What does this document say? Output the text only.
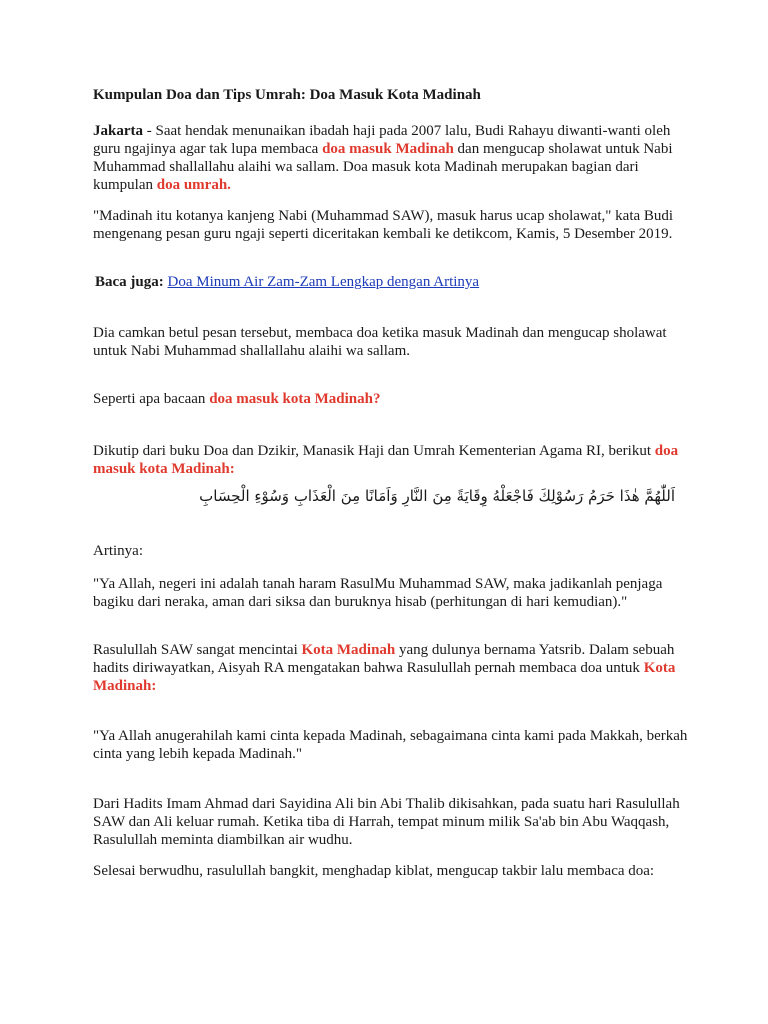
Kumpulan Doa dan Tips Umrah: Doa Masuk Kota Madinah

Jakarta - Saat hendak menunaikan ibadah haji pada 2007 lalu, Budi Rahayu diwanti-wanti oleh guru ngajinya agar tak lupa membaca doa masuk Madinah dan mengucap sholawat untuk Nabi Muhammad shallallahu alaihi wa sallam. Doa masuk kota Madinah merupakan bagian dari kumpulan doa umrah.

"Madinah itu kotanya kanjeng Nabi (Muhammad SAW), masuk harus ucap sholawat," kata Budi mengenang pesan guru ngaji seperti diceritakan kembali ke detikcom, Kamis, 5 Desember 2019.

Baca juga: Doa Minum Air Zam-Zam Lengkap dengan Artinya

Dia camkan betul pesan tersebut, membaca doa ketika masuk Madinah dan mengucap sholawat untuk Nabi Muhammad shallallahu alaihi wa sallam.

Seperti apa bacaan doa masuk kota Madinah?

Dikutip dari buku Doa dan Dzikir, Manasik Haji dan Umrah Kementerian Agama RI, berikut doa masuk kota Madinah:

اَللّٰهُمَّ هٰذَا حَرَمُ رَسُوْلِكَ فَاجْعَلْهُ وِقَايَةً مِنَ النَّارِ وَاَمَانًا مِنَ الْعَذَابِ وَسُوْءِ الْحِسَابِ

Artinya:

"Ya Allah, negeri ini adalah tanah haram RasulMu Muhammad SAW, maka jadikanlah penjaga bagiku dari neraka, aman dari siksa dan buruknya hisab (perhitungan di hari kemudian)."

Rasulullah SAW sangat mencintai Kota Madinah yang dulunya bernama Yatsrib. Dalam sebuah hadits diriwayatkan, Aisyah RA mengatakan bahwa Rasulullah pernah membaca doa untuk Kota Madinah:

"Ya Allah anugerahilah kami cinta kepada Madinah, sebagaimana cinta kami pada Makkah, berkah cinta yang lebih kepada Madinah."

Dari Hadits Imam Ahmad dari Sayidina Ali bin Abi Thalib dikisahkan, pada suatu hari Rasulullah SAW dan Ali keluar rumah. Ketika tiba di Harrah, tempat minum milik Sa'ab bin Abu Waqqash, Rasulullah meminta diambilkan air wudhu.

Selesai berwudhu, rasulullah bangkit, menghadap kiblat, mengucap takbir lalu membaca doa:
